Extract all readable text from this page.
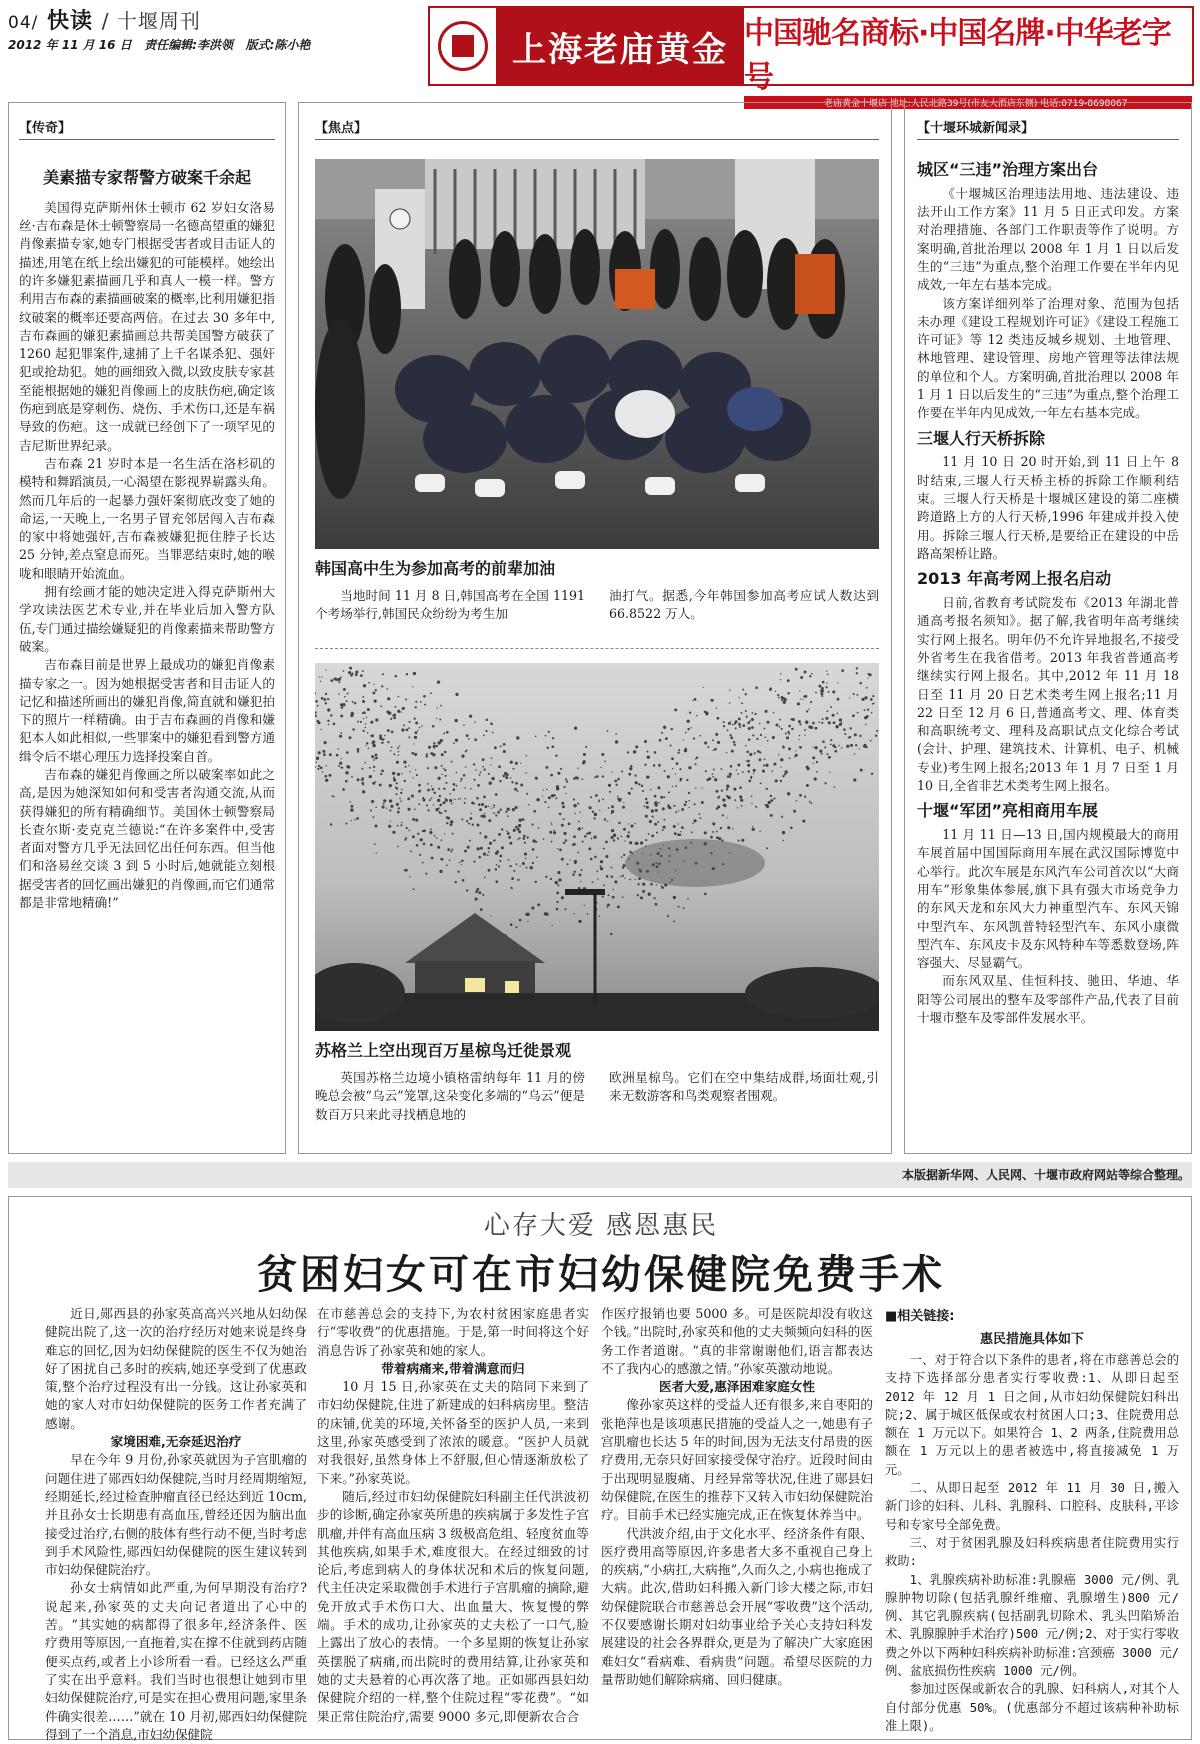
04/ 快读 / 十堰周刊
2012 年 11 月 16 日 责任编辑:李洪领 版式:陈小艳	上海老庙黄金 中国驰名商标·中国名牌·中华老字号
老庙黄金十堰店 地址:人民北路39号(市友大酒店东侧) 电话:0719-8698067
【传奇】
美素描专家帮警方破案千余起
美国得克萨斯州休士顿市 62 岁妇女洛易丝·吉布森是休士顿警察局一名德高望重的嫌犯肖像素描专家,她专门根据受害者或目击证人的描述,用笔在纸上绘出嫌犯的可能模样。她绘出的许多嫌犯素描画几乎和真人一模一样。警方利用吉布森的素描画破案的概率,比利用嫌犯指纹破案的概率还要高两倍。在过去 30 多年中,吉布森画的嫌犯素描画总共帮美国警方破获了 1260 起犯罪案件,逮捕了上千名谋杀犯、强奸犯或抢劫犯。她的画细致入微,以致皮肤专家甚至能根据她的嫌犯肖像画上的皮肤伤疤,确定该伤疤到底是穿刺伤、烧伤、手术伤口,还是车祸导致的伤疤。这一成就已经创下了一项罕见的吉尼斯世界纪录。
吉布森 21 岁时本是一名生活在洛杉矶的模特和舞蹈演员,一心渴望在影视界崭露头角。然而几年后的一起暴力强奸案彻底改变了她的命运,一天晚上,一名男子冒充邻居闯入吉布森的家中将她强奸,吉布森被嫌犯扼住脖子长达 25 分钟,差点窒息而死。当罪恶结束时,她的喉咙和眼睛开始流血。
拥有绘画才能的她决定进入得克萨斯州大学攻读法医艺术专业,并在毕业后加入警方队伍,专门通过描绘嫌疑犯的肖像素描来帮助警方破案。
吉布森目前是世界上最成功的嫌犯肖像素描专家之一。因为她根据受害者和目击证人的记忆和描述所画出的嫌犯肖像,简直就和嫌犯拍下的照片一样精确。由于吉布森画的肖像和嫌犯本人如此相似,一些罪案中的嫌犯看到警方通缉令后不堪心理压力选择投案自首。
吉布森的嫌犯肖像画之所以破案率如此之高,是因为她深知如何和受害者沟通交流,从而获得嫌犯的所有精确细节。美国休士顿警察局长查尔斯·麦克克兰德说:“在许多案件中,受害者面对警方几乎无法回忆出任何东西。但当他们和洛易丝交谈 3 到 5 小时后,她就能立刻根据受害者的回忆画出嫌犯的肖像画,而它们通常都是非常地精确!”
【焦点】
韩国高中生为参加高考的前辈加油
当地时间 11 月 8 日,韩国高考在全国 1191 个考场举行,韩国民众纷纷为考生加
油打气。据悉,今年韩国参加高考应试人数达到 66.8522 万人。
苏格兰上空出现百万星椋鸟迁徙景观
英国苏格兰边境小镇格雷纳每年 11 月的傍晚总会被“乌云”笼罩,这朵变化多端的“乌云”便是数百万只来此寻找栖息地的
欧洲星椋鸟。它们在空中集结成群,场面壮观,引来无数游客和鸟类观察者围观。
【十堰环城新闻录】
城区“三违”治理方案出台
《十堰城区治理违法用地、违法建设、违法开山工作方案》11 月 5 日正式印发。方案对治理措施、各部门工作职责等作了说明。方案明确,首批治理以 2008 年 1 月 1 日以后发生的“三违”为重点,整个治理工作要在半年内见成效,一年左右基本完成。
该方案详细列举了治理对象、范围为包括未办理《建设工程规划许可证》《建设工程施工许可证》等 12 类违反城乡规划、土地管理、林地管理、建设管理、房地产管理等法律法规的单位和个人。方案明确,首批治理以 2008 年 1 月 1 日以后发生的“三违”为重点,整个治理工作要在半年内见成效,一年左右基本完成。
三堰人行天桥拆除
11 月 10 日 20 时开始,到 11 日上午 8 时结束,三堰人行天桥主桥的拆除工作顺利结束。三堰人行天桥是十堰城区建设的第二座横跨道路上方的人行天桥,1996 年建成并投入使用。拆除三堰人行天桥,是要给正在建设的中岳路高架桥让路。
2013 年高考网上报名启动
日前,省教育考试院发布《2013 年湖北普通高考报名须知》。据了解,我省明年高考继续实行网上报名。明年仍不允许异地报名,不接受外省考生在我省借考。2013 年我省普通高考继续实行网上报名。其中,2012 年 11 月 18 日至 11 月 20 日艺术类考生网上报名;11 月 22 日至 12 月 6 日,普通高考文、理、体育类和高职统考文、理科及高职试点文化综合考试(会计、护理、建筑技术、计算机、电子、机械专业)考生网上报名;2013 年 1 月 7 日至 1 月 10 日,全省非艺术类考生网上报名。
十堰“军团”亮相商用车展
11 月 11 日—13 日,国内规模最大的商用车展首届中国国际商用车展在武汉国际博览中心举行。此次车展是东风汽车公司首次以“大商用车”形象集体参展,旗下具有强大市场竞争力的东风天龙和东风大力神重型汽车、东风天锦中型汽车、东风凯普特轻型汽车、东风小康微型汽车、东风皮卡及东风特种车等悉数登场,阵容强大、尽显霸气。
而东风双星、佳恒科技、驰田、华迪、华阳等公司展出的整车及零部件产品,代表了目前十堰市整车及零部件发展水平。
本版据新华网、人民网、十堰市政府网站等综合整理。
心存大爱 感恩惠民
贫困妇女可在市妇幼保健院免费手术
近日,郧西县的孙家英高高兴兴地从妇幼保健院出院了,这一次的治疗经历对她来说是终身难忘的回忆,因为妇幼保健院的医生不仅为她治好了困扰自己多时的疾病,她还享受到了优惠政策,整个治疗过程没有出一分钱。这让孙家英和她的家人对市妇幼保健院的医务工作者充满了感谢。
家境困难,无奈延迟治疗
早在今年 9 月份,孙家英就因为子宫肌瘤的问题住进了郧西妇幼保健院,当时月经周期缩短,经期延长,经过检查肿瘤直径已经达到近 10cm,并且孙女士长期患有高血压,曾经还因为脑出血接受过治疗,右侧的肢体有些行动不便,当时考虑到手术风险性,郧西妇幼保健院的医生建议转到市妇幼保健院治疗。
孙女士病情如此严重,为何早期没有治疗?说起来,孙家英的丈夫向记者道出了心中的苦。“其实她的病都得了很多年,经济条件、医疗费用等原因,一直拖着,实在撑不住就到药店随便买点药,或者上小诊所看一看。已经这么严重了实在出乎意料。我们当时也很想让她到市里妇幼保健院治疗,可是实在担心费用问题,家里条件确实很差……”就在 10 月初,郧西妇幼保健院得到了一个消息,市妇幼保健院
在市慈善总会的支持下,为农村贫困家庭患者实行“零收费”的优惠措施。于是,第一时间将这个好消息告诉了孙家英和她的家人。
带着病痛来,带着满意而归
10 月 15 日,孙家英在丈夫的陪同下来到了市妇幼保健院,住进了新建成的妇科病房里。整洁的床铺,优美的环境,关怀备至的医护人员,一来到这里,孙家英感受到了浓浓的暖意。“医护人员就对我很好,虽然身体上不舒服,但心情逐渐放松了下来。”孙家英说。
随后,经过市妇幼保健院妇科副主任代洪波初步的诊断,确定孙家英所患的疾病属于多发性子宫肌瘤,并伴有高血压病 3 级极高危组、轻度贫血等其他疾病,如果手术,难度很大。在经过细致的讨论后,考虑到病人的身体状况和术后的恢复问题,代主任决定采取微创手术进行子宫肌瘤的摘除,避免开放式手术伤口大、出血量大、恢复慢的弊端。手术的成功,让孙家英的丈夫松了一口气,脸上露出了放心的表情。一个多星期的恢复让孙家英摆脱了病痛,而出院时的费用结算,让孙家英和她的丈夫悬着的心再次落了地。正如郧西县妇幼保健院介绍的一样,整个住院过程“零花费”。“如果正常住院治疗,需要 9000 多元,即便新农合合
作医疗报销也要 5000 多。可是医院却没有收这个钱。”出院时,孙家英和他的丈夫频频向妇科的医务工作者道谢。“真的非常谢谢他们,语言都表达不了我内心的感激之情。”孙家英激动地说。
医者大爱,惠泽困难家庭女性
像孙家英这样的受益人还有很多,来自枣阳的张艳萍也是该项惠民措施的受益人之一,她患有子宫肌瘤也长达 5 年的时间,因为无法支付昂贵的医疗费用,无奈只好回家接受保守治疗。近段时间由于出现明显腹痛、月经异常等状况,住进了郧县妇幼保健院,在医生的推荐下又转入市妇幼保健院治疗。目前手术已经实施完成,正在恢复休养当中。
代洪波介绍,由于文化水平、经济条件有限、医疗费用高等原因,许多患者大多不重视自己身上的疾病,“小病扛,大病拖”,久而久之,小病也拖成了大病。此次,借助妇科搬入新门诊大楼之际,市妇幼保健院联合市慈善总会开展“零收费”这个活动,不仅要感谢长期对妇幼事业给予关心支持妇科发展建设的社会各界群众,更是为了解决广大家庭困难妇女“看病难、看病贵”问题。希望尽医院的力量帮助她们解除病痛、回归健康。
■相关链接:
惠民措施具体如下
一、对于符合以下条件的患者,将在市慈善总会的支持下选择部分患者实行零收费:1、从即日起至 2012 年 12 月 1 日之间,从市妇幼保健院妇科出院;2、属于城区低保或农村贫困人口;3、住院费用总额在 1 万元以下。如果符合 1、2 两条,住院费用总额在 1 万元以上的患者被选中,将直接减免 1 万元。
二、从即日起至 2012 年 11 月 30 日,搬入新门诊的妇科、儿科、乳腺科、口腔科、皮肤科,平诊号和专家号全部免费。
三、对于贫困乳腺及妇科疾病患者住院费用实行救助:
1、乳腺疾病补助标准:乳腺癌 3000 元/例、乳腺肿物切除(包括乳腺纤维瘤、乳腺增生)800 元/例、其它乳腺疾病(包括副乳切除术、乳头凹陷矫治术、乳腺腺肿手术治疗)500 元/例;2、对于实行零收费之外以下两种妇科疾病补助标准:宫颈癌 3000 元/例、盆底损伤性疾病 1000 元/例。
参加过医保或新农合的乳腺、妇科病人,对其个人自付部分优惠 50%。(优惠部分不超过该病种补助标准上限)。
